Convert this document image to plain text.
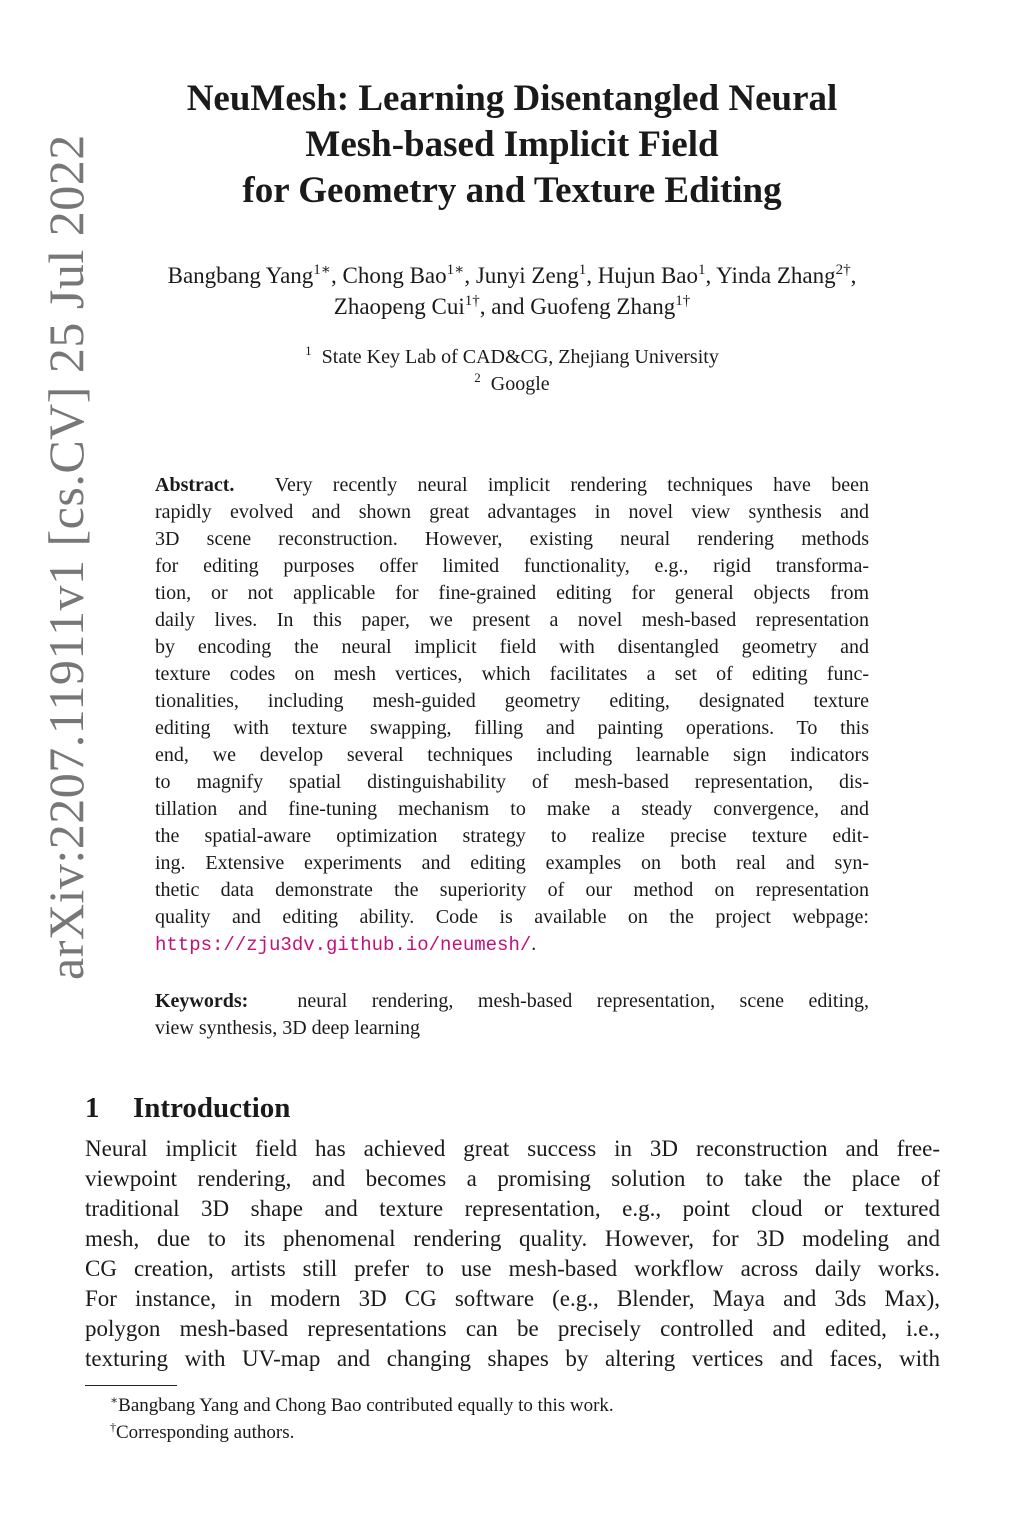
arXiv:2207.11911v1 [cs.CV] 25 Jul 2022
NeuMesh: Learning Disentangled Neural
Mesh-based Implicit Field
for Geometry and Texture Editing
Bangbang Yang$^{1∗}$, Chong Bao$^{1∗}$, Junyi Zeng$^1$, Hujun Bao$^1$, Yinda Zhang$^{2\dagger}$,
Zhaopeng Cui$^{1\dagger}$, and Guofeng Zhang$^{1\dagger}$
$^1$ State Key Lab of CAD&CG, Zhejiang University
$^2$ Google
Abstract. Very recently neural implicit rendering techniques have been
rapidly evolved and shown great advantages in novel view synthesis and
3D scene reconstruction. However, existing neural rendering methods
for editing purposes offer limited functionality, e.g., rigid transforma-
tion, or not applicable for fine-grained editing for general objects from
daily lives. In this paper, we present a novel mesh-based representation
by encoding the neural implicit field with disentangled geometry and
texture codes on mesh vertices, which facilitates a set of editing func-
tionalities, including mesh-guided geometry editing, designated texture
editing with texture swapping, filling and painting operations. To this
end, we develop several techniques including learnable sign indicators
to magnify spatial distinguishability of mesh-based representation, dis-
tillation and fine-tuning mechanism to make a steady convergence, and
the spatial-aware optimization strategy to realize precise texture edit-
ing. Extensive experiments and editing examples on both real and syn-
thetic data demonstrate the superiority of our method on representation
quality and editing ability. Code is available on the project webpage:
https://zju3dv.github.io/neumesh/.
Keywords: neural rendering, mesh-based representation, scene editing,
view synthesis, 3D deep learning
1 Introduction
Neural implicit field has achieved great success in 3D reconstruction and free-
viewpoint rendering, and becomes a promising solution to take the place of
traditional 3D shape and texture representation, e.g., point cloud or textured
mesh, due to its phenomenal rendering quality. However, for 3D modeling and
CG creation, artists still prefer to use mesh-based workflow across daily works.
For instance, in modern 3D CG software (e.g., Blender, Maya and 3ds Max),
polygon mesh-based representations can be precisely controlled and edited, i.e.,
texturing with UV-map and changing shapes by altering vertices and faces, with
∗Bangbang Yang and Chong Bao contributed equally to this work.
†Corresponding authors.
